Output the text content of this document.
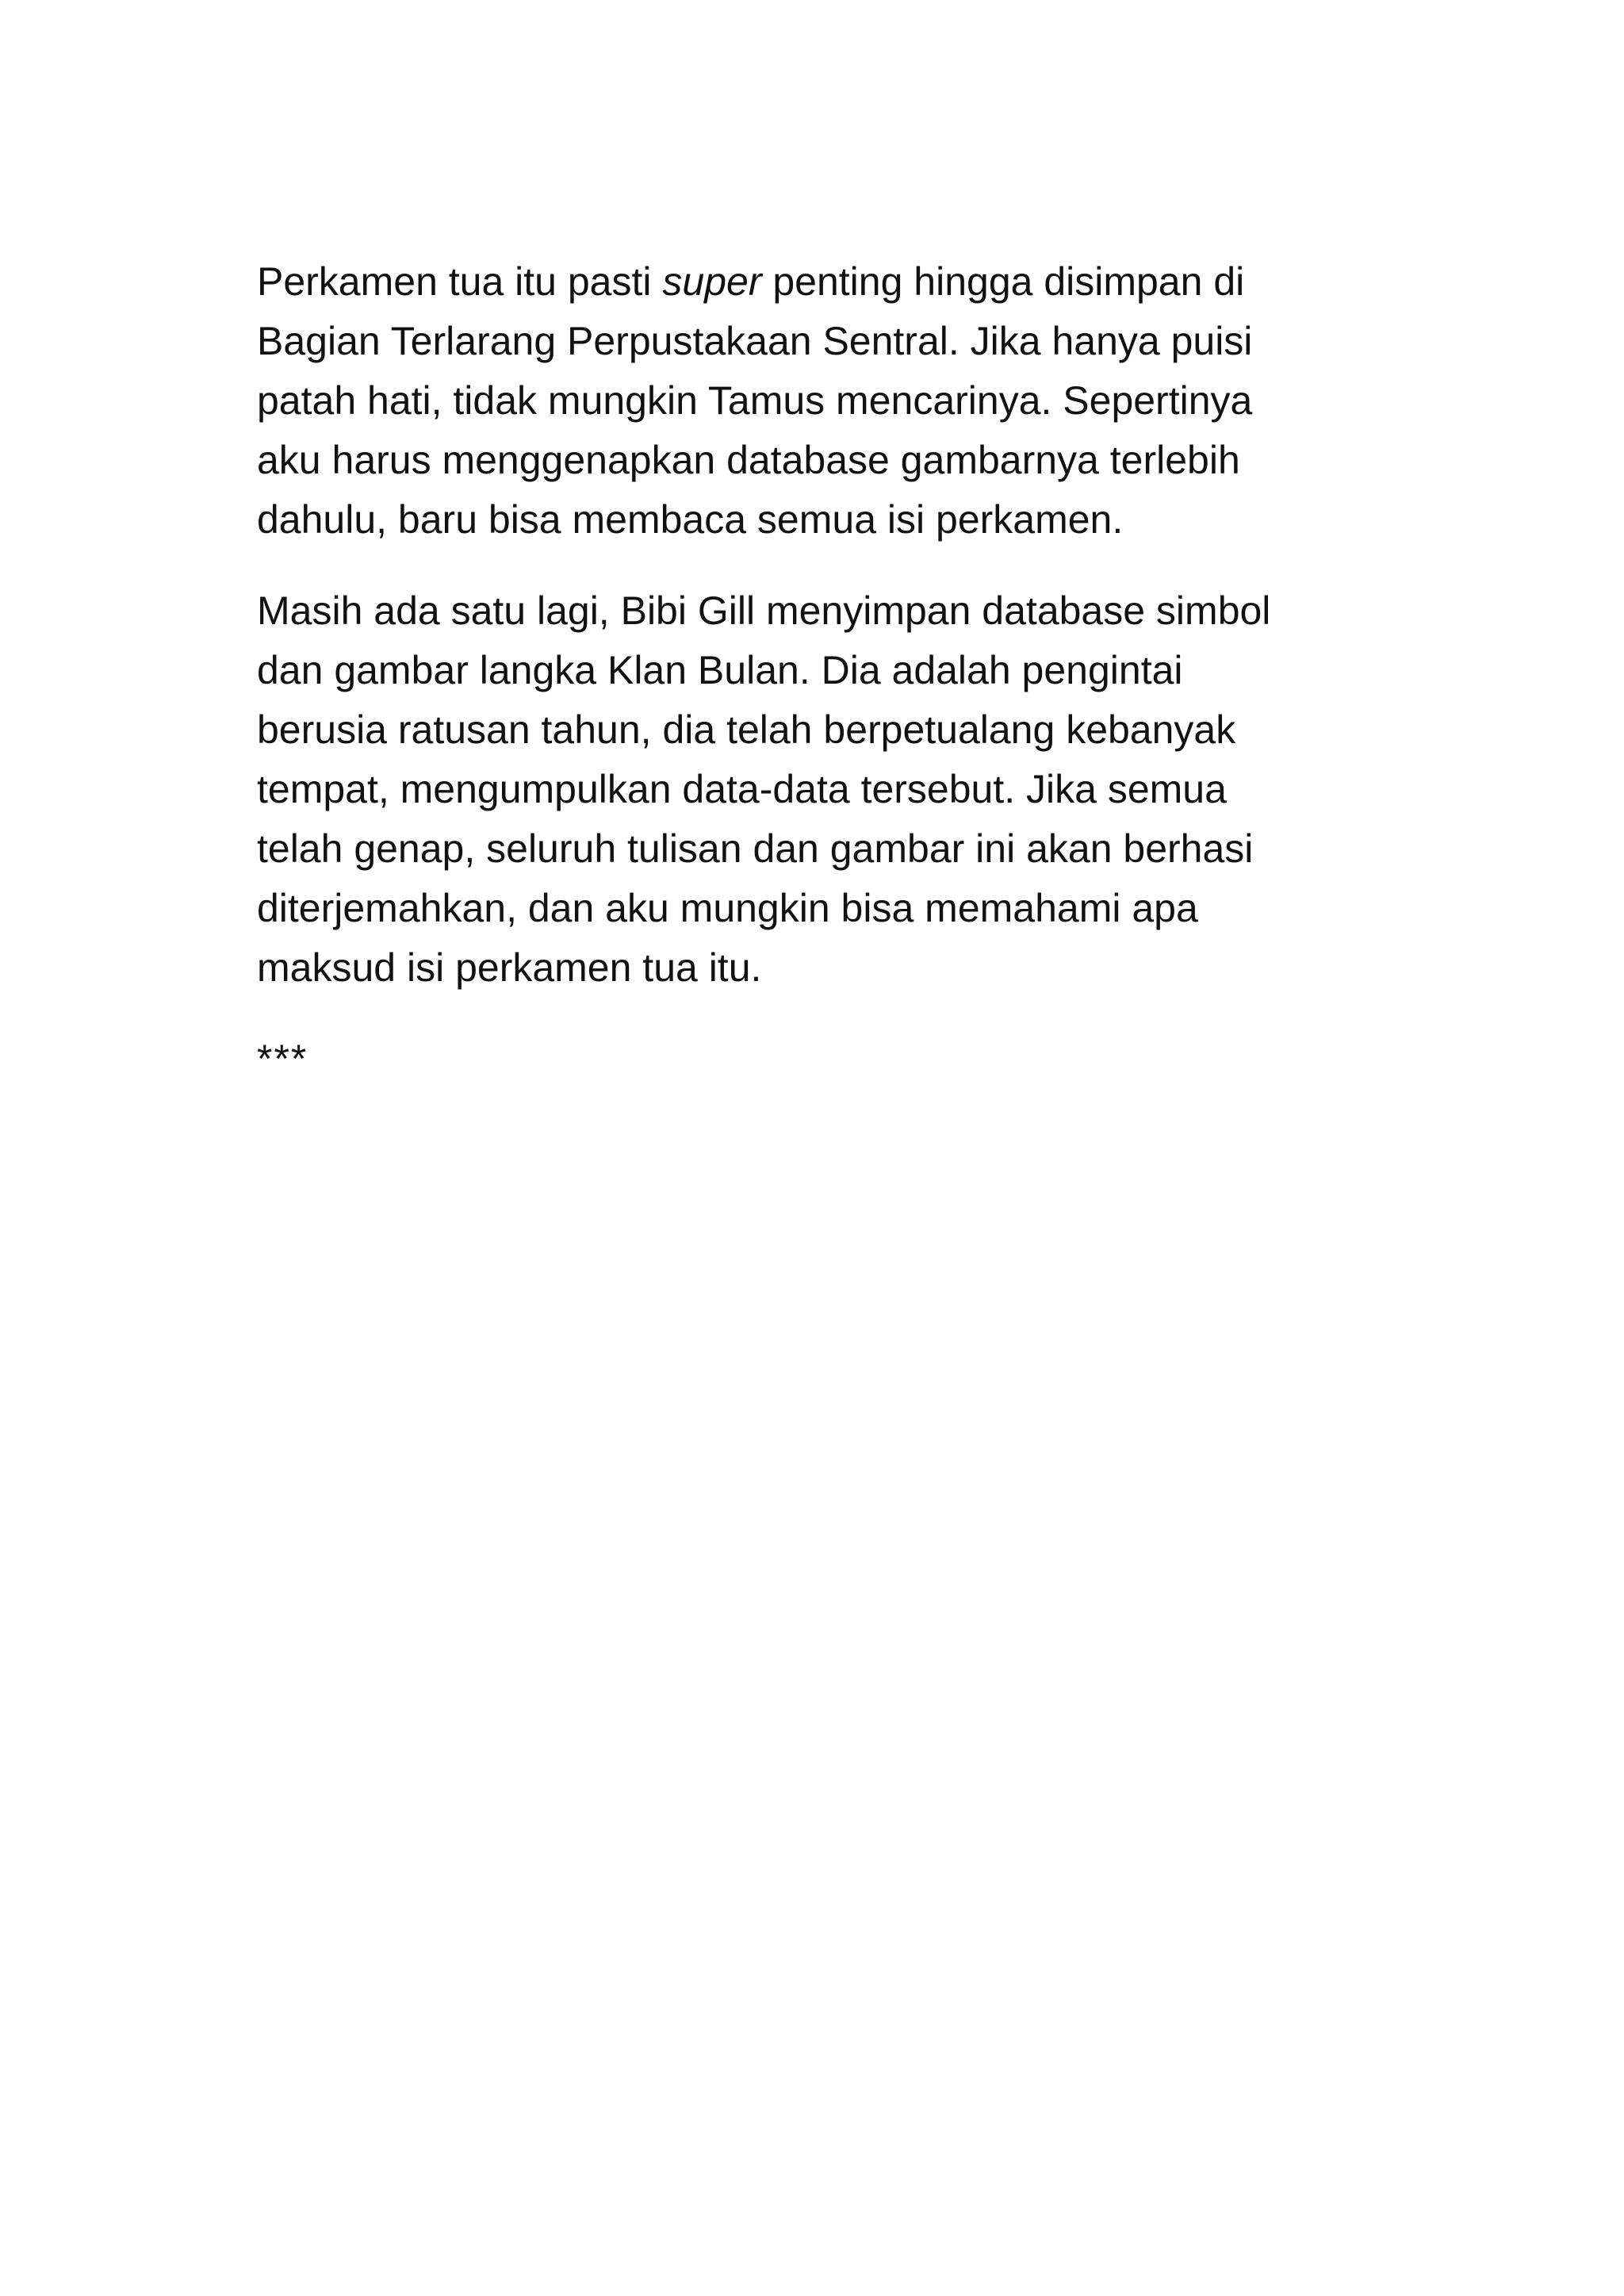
Perkamen tua itu pasti super penting hingga disimpan di
Bagian Terlarang Perpustakaan Sentral. Jika hanya puisi
patah hati, tidak mungkin Tamus mencarinya. Sepertinya
aku harus menggenapkan database gambarnya terlebih
dahulu, baru bisa membaca semua isi perkamen.
Masih ada satu lagi, Bibi Gill menyimpan database simbol
dan gambar langka Klan Bulan. Dia adalah pengintai
berusia ratusan tahun, dia telah berpetualang kebanyak
tempat, mengumpulkan data-data tersebut. Jika semua
telah genap, seluruh tulisan dan gambar ini akan berhasi
diterjemahkan, dan aku mungkin bisa memahami apa
maksud isi perkamen tua itu.
***
